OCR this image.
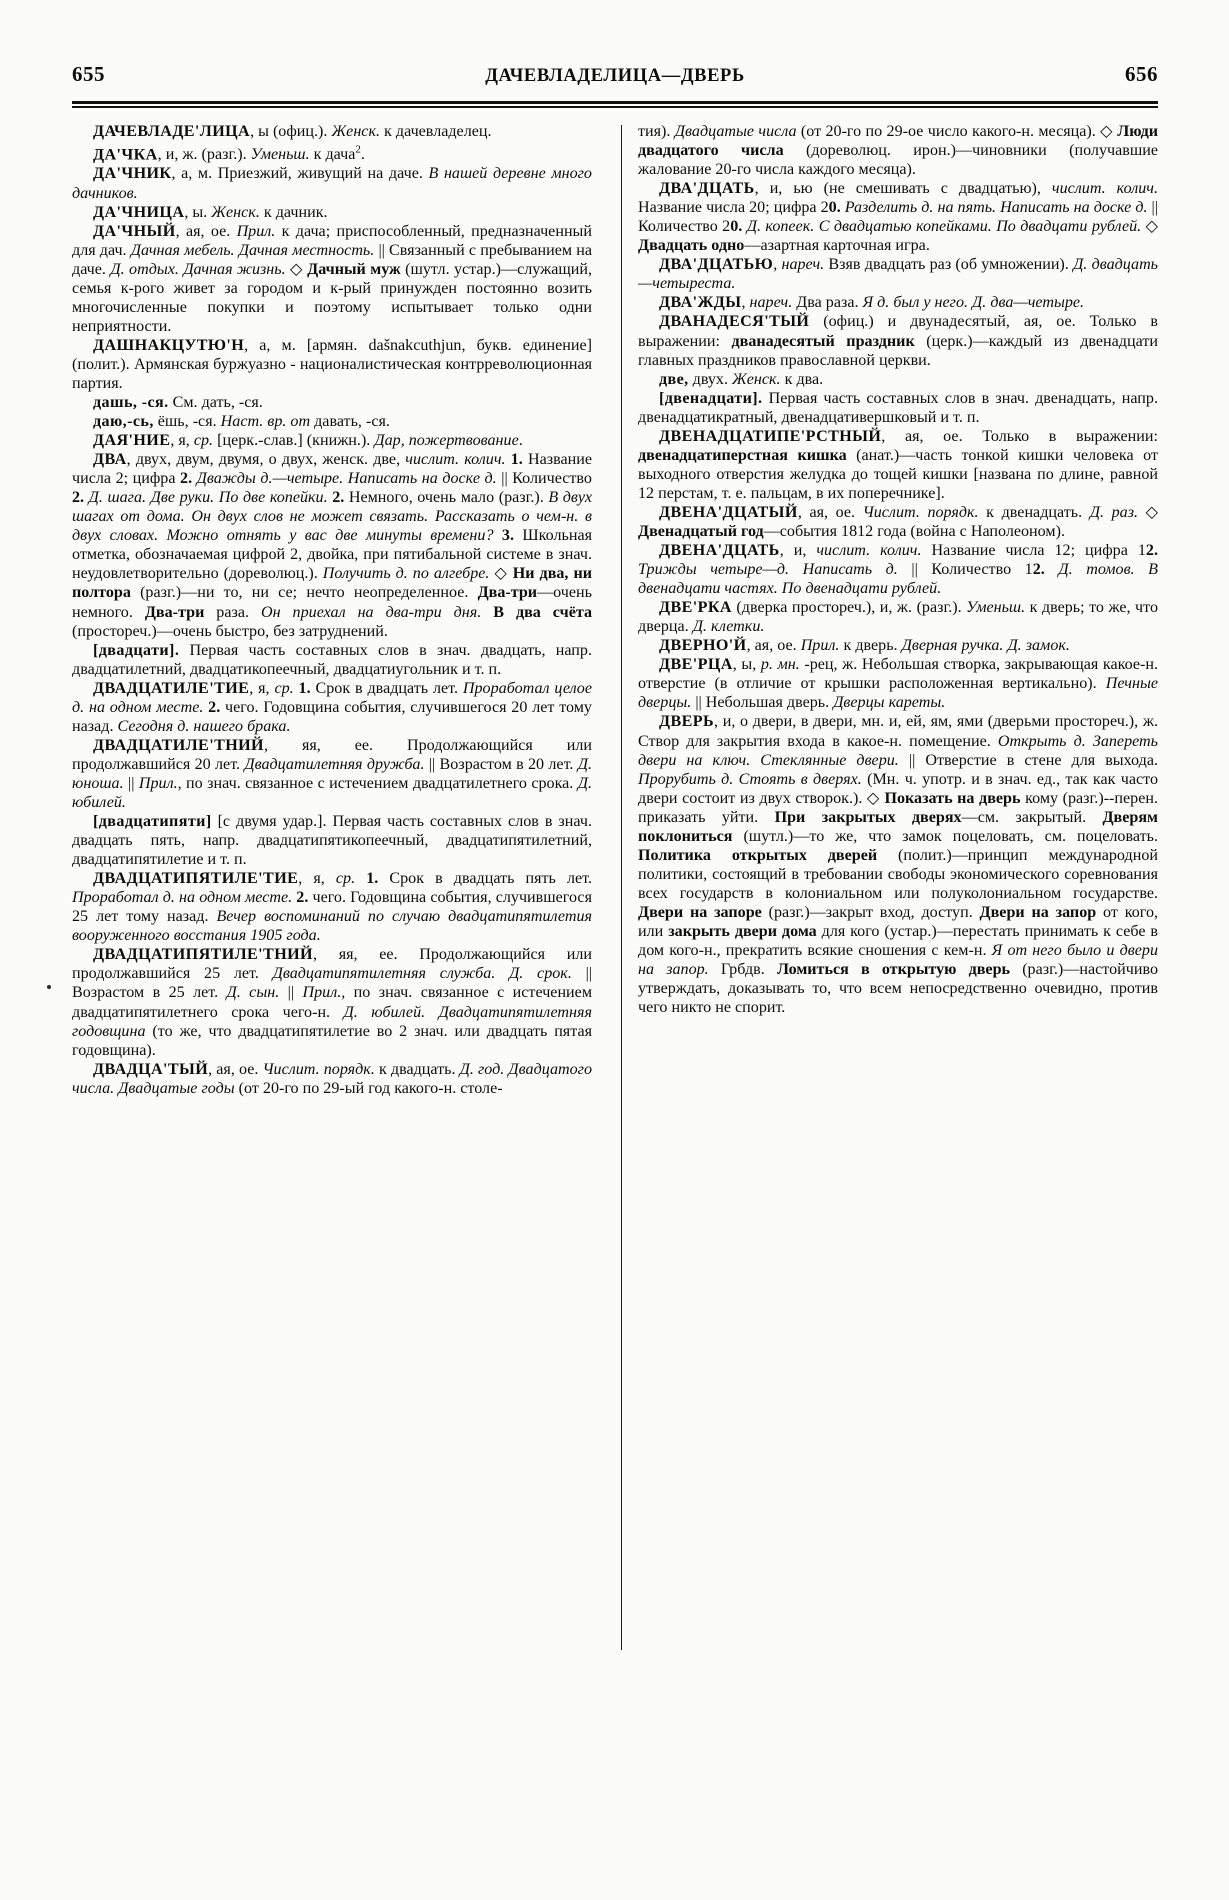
655	ДАЧЕВЛАДЕЛИЦА—ДВЕРЬ	656

ДАЧЕВЛАДЕ'ЛИЦА, ы (офиц.). Женск. к дачевладелец.

ДА'ЧКА, и, ж. (разг.). Уменьш. к дача$^2$.

ДА'ЧНИК, а, м. Приезжий, живущий на даче. В нашей деревне много дачников.

ДА'ЧНИЦА, ы. Женск. к дачник.

ДА'ЧНЫЙ, ая, ое. Прил. к дача; приспособленный, предназначенный для дач. Дачная мебель. Дачная местность. || Связанный с пребыванием на даче. Д. отдых. Дачная жизнь. ◇ Дачный муж (шутл. устар.)—служащий, семья к-рого живет за городом и к-рый принужден постоянно возить многочисленные покупки и поэтому испытывает только одни неприятности.

ДАШНАКЦУТЮ'Н, а, м. [армян. dašnakcuthjun, букв. единение] (полит.). Армянская буржуазно - националистическая контрреволюционная партия.

дашь, -ся. См. дать, -ся.

даю,-сь, ёшь, -ся. Наст. вр. от давать, -ся.

ДАЯ'НИЕ, я, ср. [церк.-слав.] (книжн.). Дар, пожертвование.

ДВА, двух, двум, двумя, о двух, женск. две, числит. колич. 1. Название числа 2; цифра 2. Дважды д.—четыре. Написать на доске д. || Количество 2. Д. шага. Две руки. По две копейки. 2. Немного, очень мало (разг.). В двух шагах от дома. Он двух слов не может связать. Рассказать о чем-н. в двух словах. Можно отнять у вас две минуты времени? 3. Школьная отметка, обозначаемая цифрой 2, двойка, при пятибальной системе в знач. неудовлетворительно (дореволюц.). Получить д. по алгебре. ◇ Ни два, ни полтора (разг.)—ни то, ни се; нечто неопределенное. Два-три—очень немного. Два-три раза. Он приехал на два-три дня. В два счёта (простореч.)—очень быстро, без затруднений.

[двадцати]. Первая часть составных слов в знач. двадцать, напр. двадцатилетний, двадцатикопеечный, двадцатиугольник и т. п.

ДВАДЦАТИЛЕ'ТИЕ, я, ср. 1. Срок в двадцать лет. Проработал целое д. на одном месте. 2. чего. Годовщина события, случившегося 20 лет тому назад. Сегодня д. нашего брака.

ДВАДЦАТИЛЕ'ТНИЙ, яя, ее. Продолжающийся или продолжавшийся 20 лет. Двадцатилетняя дружба. || Возрастом в 20 лет. Д. юноша. || Прил., по знач. связанное с истечением двадцатилетнего срока. Д. юбилей.

[двадцатипяти] [с двумя удар.]. Первая часть составных слов в знач. двадцать пять, напр. двадцатипятикопеечный, двадцатипятилетний, двадцатипятилетие и т. п.

ДВАДЦАТИПЯТИЛЕ'ТИЕ, я, ср. 1. Срок в двадцать пять лет. Проработал д. на одном месте. 2. чего. Годовщина события, случившегося 25 лет тому назад. Вечер воспоминаний по случаю двадцатипятилетия вооруженного восстания 1905 года.

ДВАДЦАТИПЯТИЛЕ'ТНИЙ, яя, ее. Продолжающийся или продолжавшийся 25 лет. Двадцатипятилетняя служба. Д. срок. || Возрастом в 25 лет. Д. сын. || Прил., по знач. связанное с истечением двадцатипятилетнего срока чего-н. Д. юбилей. Двадцатипятилетняя годовщина (то же, что двадцатипятилетие во 2 знач. или двадцать пятая годовщина).

ДВАДЦА'ТЫЙ, ая, ое. Числит. порядк. к двадцать. Д. год. Двадцатого числа. Двадцатые годы (от 20-го по 29-ый год какого-н. столе-

тия). Двадцатые числа (от 20-го по 29-ое число какого-н. месяца). ◇ Люди двадцатого числа (дореволюц. ирон.)—чиновники (получавшие жалование 20-го числа каждого месяца).

ДВА'ДЦАТЬ, и, ью (не смешивать с двадцатью), числит. колич. Название числа 20; цифра 20. Разделить д. на пять. Написать на доске д. || Количество 20. Д. копеек. С двадцатью копейками. По двадцати рублей. ◇ Двадцать одно—азартная карточная игра.

ДВА'ДЦАТЬЮ, нареч. Взяв двадцать раз (об умножении). Д. двадцать—четыреста.

ДВА'ЖДЫ, нареч. Два раза. Я д. был у него. Д. два—четыре.

ДВАНАДЕСЯ'ТЫЙ (офиц.) и двунадесятый, ая, ое. Только в выражении: дванадесятый праздник (церк.)—каждый из двенадцати главных праздников православной церкви.

две, двух. Женск. к два.

[двенадцати]. Первая часть составных слов в знач. двенадцать, напр. двенадцатикратный, двенадцативершковый и т. п.

ДВЕНАДЦАТИПЕ'РСТНЫЙ, ая, ое. Только в выражении: двенадцатиперстная кишка (анат.)—часть тонкой кишки человека от выходного отверстия желудка до тощей кишки [названа по длине, равной 12 перстам, т. е. пальцам, в их поперечнике].

ДВЕНА'ДЦАТЫЙ, ая, ое. Числит. порядк. к двенадцать. Д. раз. ◇ Двенадцатый год—события 1812 года (война с Наполеоном).

ДВЕНА'ДЦАТЬ, и, числит. колич. Название числа 12; цифра 12. Трижды четыре—д. Написать д. || Количество 12. Д. томов. В двенадцати частях. По двенадцати рублей.

ДВЕ'РКА (дверка простореч.), и, ж. (разг.). Уменьш. к дверь; то же, что дверца. Д. клетки.

ДВЕРНО'Й, ая, ое. Прил. к дверь. Дверная ручка. Д. замок.

ДВЕ'РЦА, ы, р. мн. -рец, ж. Небольшая створка, закрывающая какое-н. отверстие (в отличие от крышки расположенная вертикально). Печные дверцы. || Небольшая дверь. Дверцы кареты.

ДВЕРЬ, и, о двери, в двери, мн. и, ей, ям, ями (дверьми простореч.), ж. Створ для закрытия входа в какое-н. помещение. Открыть д. Запереть двери на ключ. Стеклянные двери. || Отверстие в стене для выхода. Прорубить д. Стоять в дверях. (Мн. ч. употр. и в знач. ед., так как часто двери состоит из двух створок.). ◇ Показать на дверь кому (разг.)--перен. приказать уйти. При закрытых дверях—см. закрытый. Дверям поклониться (шутл.)—то же, что замок поцеловать, см. поцеловать. Политика открытых дверей (полит.)—принцип международной политики, состоящий в требовании свободы экономического соревнования всех государств в колониальном или полуколониальном государстве. Двери на запоре (разг.)—закрыт вход, доступ. Двери на запор от кого, или закрыть двери дома для кого (устар.)—перестать принимать к себе в дом кого-н., прекратить всякие сношения с кем-н. Я от него было и двери на запор. Грбдв. Ломиться в открытую дверь (разг.)—настойчиво утверждать, доказывать то, что всем непосредственно очевидно, против чего никто не спорит.
